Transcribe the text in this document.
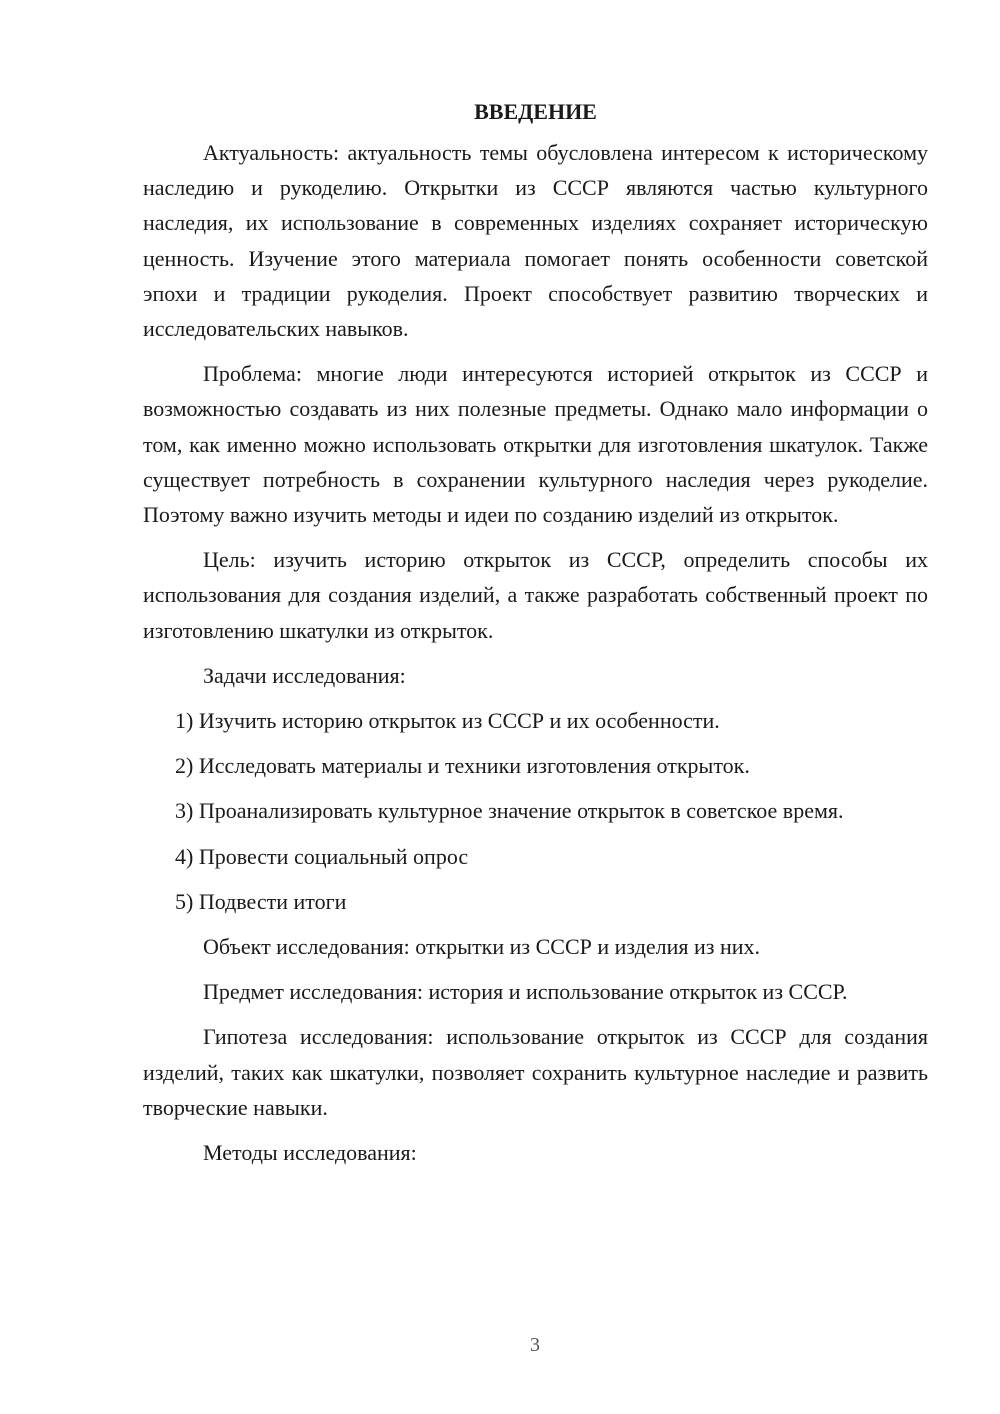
ВВЕДЕНИЕ

Актуальность: актуальность темы обусловлена интересом к историческому наследию и рукоделию. Открытки из СССР являются частью культурного наследия, их использование в современных изделиях сохраняет историческую ценность. Изучение этого материала помогает понять особенности советской эпохи и традиции рукоделия. Проект способствует развитию творческих и исследовательских навыков.

Проблема: многие люди интересуются историей открыток из СССР и возможностью создавать из них полезные предметы. Однако мало информации о том, как именно можно использовать открытки для изготовления шкатулок. Также существует потребность в сохранении культурного наследия через рукоделие. Поэтому важно изучить методы и идеи по созданию изделий из открыток.

Цель: изучить историю открыток из СССР, определить способы их использования для создания изделий, а также разработать собственный проект по изготовлению шкатулки из открыток.

Задачи исследования:

1) Изучить историю открыток из СССР и их особенности.

2) Исследовать материалы и техники изготовления открыток.

3) Проанализировать культурное значение открыток в советское время.

4) Провести социальный опрос

5) Подвести итоги

Объект исследования: открытки из СССР и изделия из них.

Предмет исследования: история и использование открыток из СССР.

Гипотеза исследования: использование открыток из СССР для создания изделий, таких как шкатулки, позволяет сохранить культурное наследие и развить творческие навыки.

Методы исследования:

3
